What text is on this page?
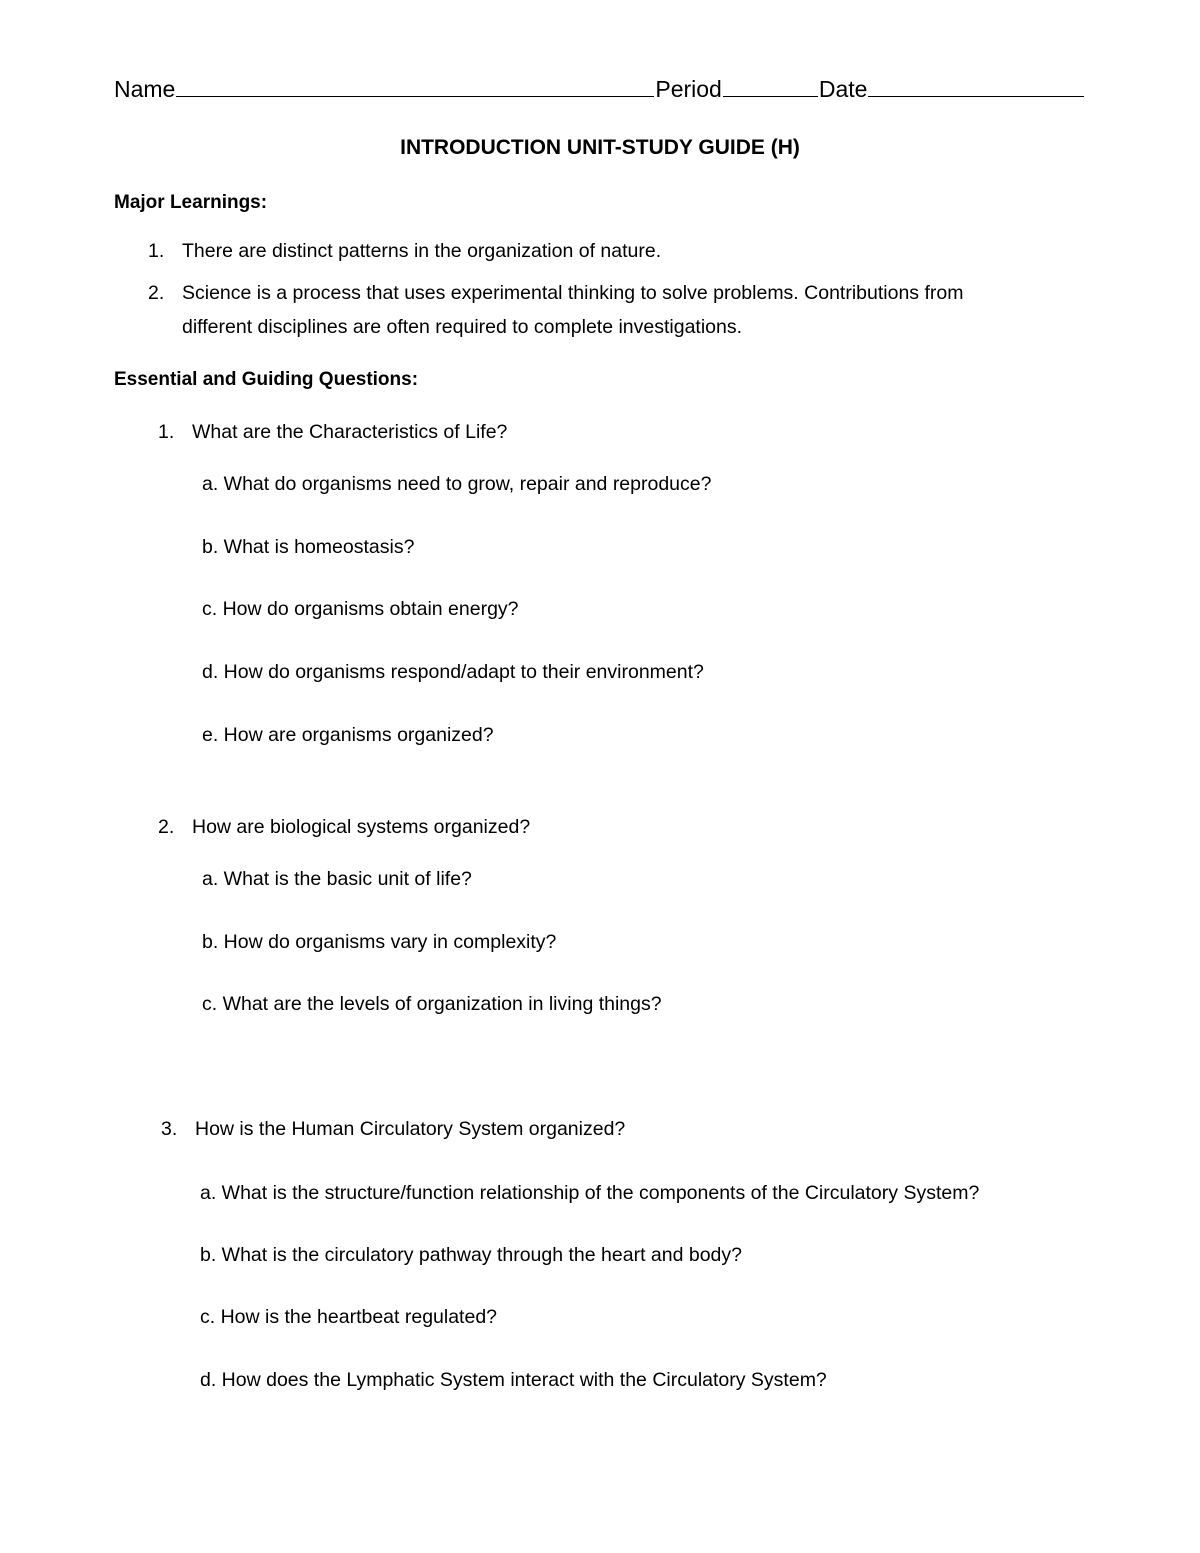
Name	Period	Date
INTRODUCTION UNIT-STUDY GUIDE (H)
Major Learnings:
1. There are distinct patterns in the organization of nature.
2. Science is a process that uses experimental thinking to solve problems. Contributions from
different disciplines are often required to complete investigations.
Essential and Guiding Questions:
1. What are the Characteristics of Life?
a. What do organisms need to grow, repair and reproduce?
b. What is homeostasis?
c. How do organisms obtain energy?
d. How do organisms respond/adapt to their environment?
e. How are organisms organized?
2. How are biological systems organized?
a. What is the basic unit of life?
b. How do organisms vary in complexity?
c. What are the levels of organization in living things?
3. How is the Human Circulatory System organized?
a. What is the structure/function relationship of the components of the Circulatory System?
b. What is the circulatory pathway through the heart and body?
c. How is the heartbeat regulated?
d. How does the Lymphatic System interact with the Circulatory System?
